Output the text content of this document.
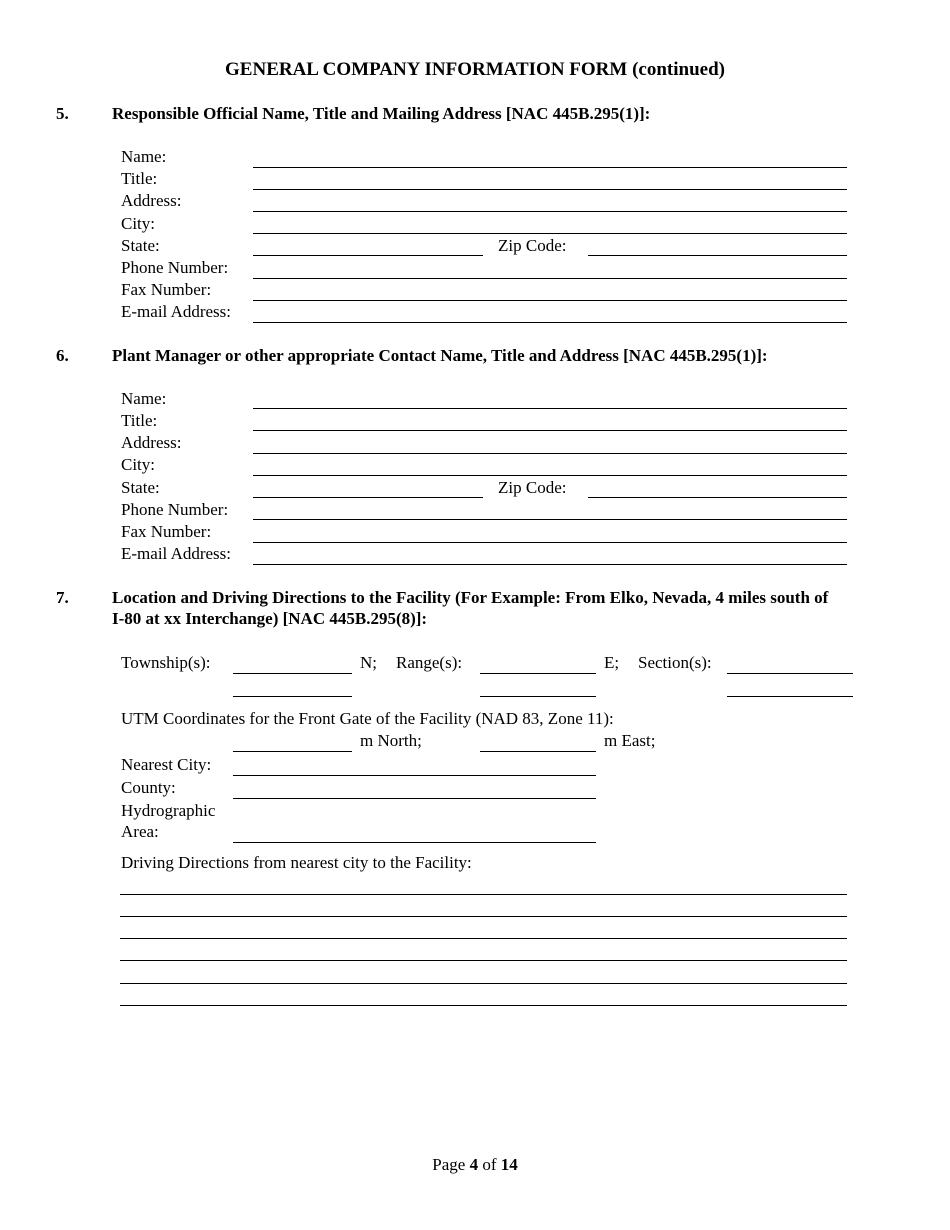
GENERAL COMPANY INFORMATION FORM (continued)
5.	Responsible Official Name, Title and Mailing Address [NAC 445B.295(1)]:
Name:
Title:
Address:
City:
State:	Zip Code:
Phone Number:
Fax Number:
E-mail Address:
6.	Plant Manager or other appropriate Contact Name, Title and Address [NAC 445B.295(1)]:
Name:
Title:
Address:
City:
State:	Zip Code:
Phone Number:
Fax Number:
E-mail Address:
7.	Location and Driving Directions to the Facility (For Example: From Elko, Nevada, 4 miles south of
I-80 at xx Interchange) [NAC 445B.295(8)]:
Township(s):	N; Range(s):	E; Section(s):
UTM Coordinates for the Front Gate of the Facility (NAD 83, Zone 11):
m North;	m East;
Nearest City:
County:
Hydrographic
Area:
Driving Directions from nearest city to the Facility:
Page 4 of 14
